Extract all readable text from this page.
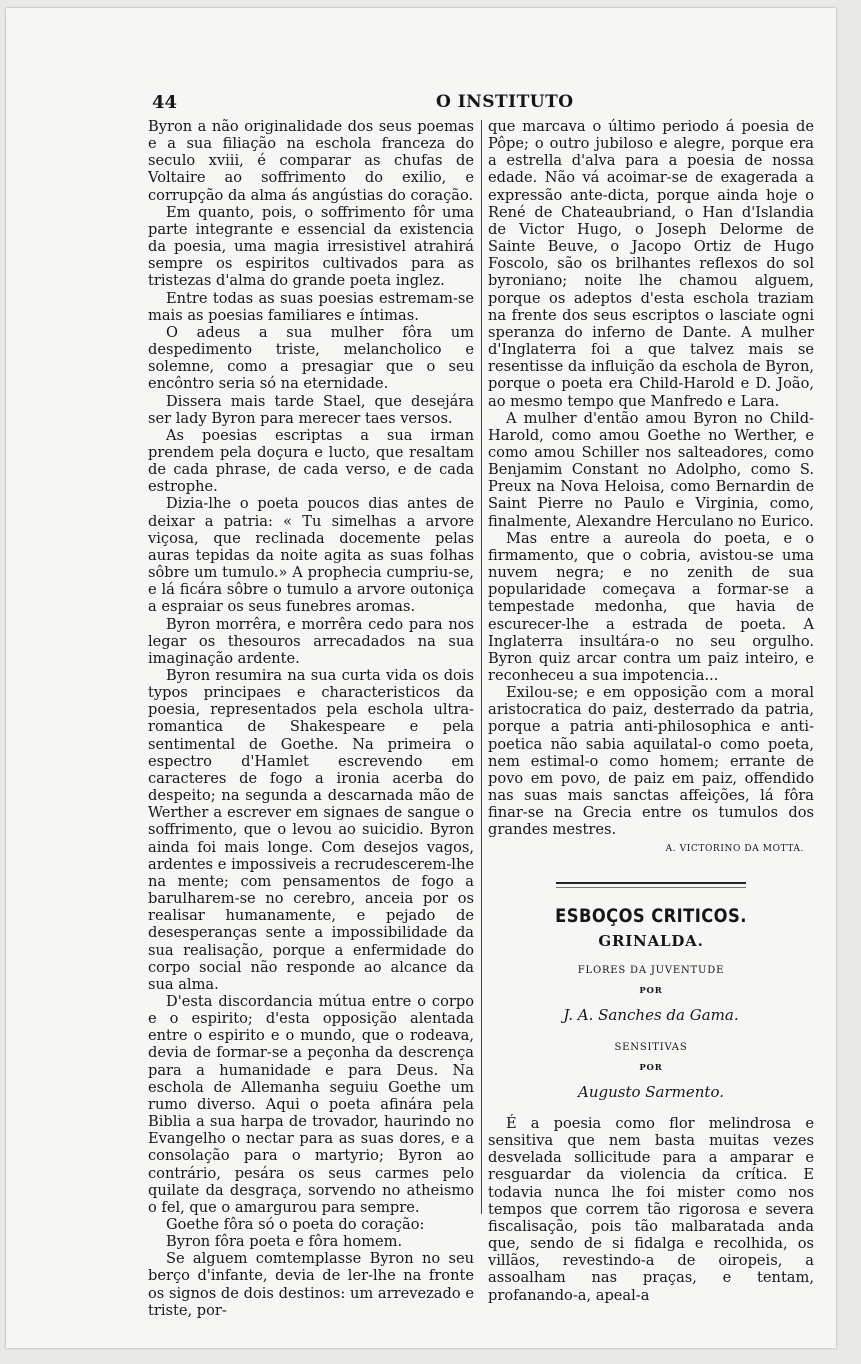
44	O INSTITUTO

Byron a não originalidade dos seus poemas e a sua filiação na eschola franceza do seculo xviii, é comparar as chufas de Voltaire ao soffrimento do exilio, e corrupção da alma ás angústias do coração.

Em quanto, pois, o soffrimento fôr uma parte integrante e essencial da existencia da poesia, uma magia irresistivel atrahirá sempre os espiritos cultivados para as tristezas d'alma do grande poeta inglez.

Entre todas as suas poesias estremam-se mais as poesias familiares e íntimas.

O adeus a sua mulher fôra um despedimento triste, melancholico e solemne, como a presagiar que o seu encôntro seria só na eternidade.

Dissera mais tarde Stael, que desejára ser lady Byron para merecer taes versos.

As poesias escriptas a sua irman prendem pela doçura e lucto, que resaltam de cada phrase, de cada verso, e de cada estrophe.

Dizia-lhe o poeta poucos dias antes de deixar a patria: « Tu simelhas a arvore viçosa, que reclinada docemente pelas auras tepidas da noite agita as suas folhas sôbre um tumulo.» A prophecia cumpriu-se, e lá ficára sôbre o tumulo a arvore outoniça a espraiar os seus funebres aromas.

Byron morrêra, e morrêra cedo para nos legar os thesouros arrecadados na sua imaginação ardente.

Byron resumira na sua curta vida os dois typos principaes e characteristicos da poesia, representados pela eschola ultra-romantica de Shakespeare e pela sentimental de Goethe. Na primeira o espectro d'Hamlet escrevendo em caracteres de fogo a ironia acerba do despeito; na segunda a descarnada mão de Werther a escrever em signaes de sangue o soffrimento, que o levou ao suicidio. Byron ainda foi mais longe. Com desejos vagos, ardentes e impossiveis a recrudescerem-lhe na mente; com pensamentos de fogo a barulharem-se no cerebro, anceia por os realisar humanamente, e pejado de desesperanças sente a impossibilidade da sua realisação, porque a enfermidade do corpo social não responde ao alcance da sua alma.

D'esta discordancia mútua entre o corpo e o espirito; d'esta opposição alentada entre o espirito e o mundo, que o rodeava, devia de formar-se a peçonha da descrença para a humanidade e para Deus. Na eschola de Allemanha seguiu Goethe um rumo diverso. Aqui o poeta afinára pela Biblia a sua harpa de trovador, haurindo no Evangelho o nectar para as suas dores, e a consolação para o martyrio; Byron ao contrário, pesára os seus carmes pelo quilate da desgraça, sorvendo no atheismo o fel, que o amargurou para sempre.

Goethe fôra só o poeta do coração:

Byron fôra poeta e fôra homem.

Se alguem comtemplasse Byron no seu berço d'infante, devia de ler-lhe na fronte os signos de dois destinos: um arrevezado e triste, por-

que marcava o último periodo á poesia de Pôpe; o outro jubiloso e alegre, porque era a estrella d'alva para a poesia de nossa edade. Não vá acoimar-se de exagerada a expressão ante-dicta, porque ainda hoje o René de Chateaubriand, o Han d'Islandia de Victor Hugo, o Joseph Delorme de Sainte Beuve, o Jacopo Ortiz de Hugo Foscolo, são os brilhantes reflexos do sol byroniano; noite lhe chamou alguem, porque os adeptos d'esta eschola traziam na frente dos seus escriptos o lasciate ogni speranza do inferno de Dante. A mulher d'Inglaterra foi a que talvez mais se resentisse da influição da eschola de Byron, porque o poeta era Child-Harold e D. João, ao mesmo tempo que Manfredo e Lara.

A mulher d'então amou Byron no Child-Harold, como amou Goethe no Werther, e como amou Schiller nos salteadores, como Benjamim Constant no Adolpho, como S. Preux na Nova Heloisa, como Bernardin de Saint Pierre no Paulo e Virginia, como, finalmente, Alexandre Herculano no Eurico.

Mas entre a aureola do poeta, e o firmamento, que o cobria, avistou-se uma nuvem negra; e no zenith de sua popularidade começava a formar-se a tempestade medonha, que havia de escurecer-lhe a estrada de poeta. A Inglaterra insultára-o no seu orgulho. Byron quiz arcar contra um paiz inteiro, e reconheceu a sua impotencia...

Exilou-se; e em opposição com a moral aristocratica do paiz, desterrado da patria, porque a patria anti-philosophica e anti-poetica não sabia aquilatal-o como poeta, nem estimal-o como homem; errante de povo em povo, de paiz em paiz, offendido nas suas mais sanctas affeições, lá fôra finar-se na Grecia entre os tumulos dos grandes mestres.

A. VICTORINO DA MOTTA.
ESBOÇOS CRITICOS.
GRINALDA.
FLORES DA JUVENTUDE
POR
J. A. Sanches da Gama.
SENSITIVAS
POR
Augusto Sarmento.

É a poesia como flor melindrosa e sensitiva que nem basta muitas vezes desvelada sollicitude para a amparar e resguardar da violencia da crítica. E todavia nunca lhe foi mister como nos tempos que correm tão rigorosa e severa fiscalisação, pois tão malbaratada anda que, sendo de si fidalga e recolhida, os villãos, revestindo-a de oiropeis, a assoalham nas praças, e tentam, profanando-a, apeal-a
